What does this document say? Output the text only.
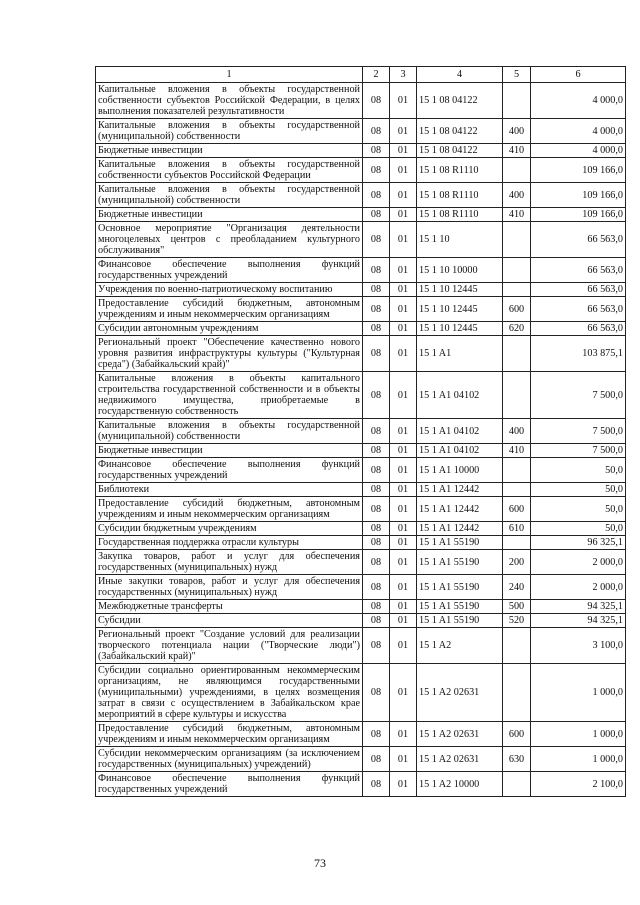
1	2	3	4	5	6
Капитальные вложения в объекты государственной собственности субъектов Российской Федерации, в целях выполнения показателей результативности	08	01	15 1 08 04122		4 000,0
Капитальные вложения в объекты государственной (муниципальной) собственности	08	01	15 1 08 04122	400	4 000,0
Бюджетные инвестиции	08	01	15 1 08 04122	410	4 000,0
Капитальные вложения в объекты государственной собственности субъектов Российской Федерации	08	01	15 1 08 R1110		109 166,0
Капитальные вложения в объекты государственной (муниципальной) собственности	08	01	15 1 08 R1110	400	109 166,0
Бюджетные инвестиции	08	01	15 1 08 R1110	410	109 166,0
Основное мероприятие "Организация деятельности многоцелевых центров с преобладанием культурного обслуживания"	08	01	15 1 10		66 563,0
Финансовое обеспечение выполнения функций государственных учреждений	08	01	15 1 10 10000		66 563,0
Учреждения по военно-патриотическому воспитанию	08	01	15 1 10 12445		66 563,0
Предоставление субсидий бюджетным, автономным учреждениям и иным некоммерческим организациям	08	01	15 1 10 12445	600	66 563,0
Субсидии автономным учреждениям	08	01	15 1 10 12445	620	66 563,0
Региональный проект "Обеспечение качественно нового уровня развития инфраструктуры культуры ("Культурная среда") (Забайкальский край)"	08	01	15 1 A1		103 875,1
Капитальные вложения в объекты капитального строительства государственной собственности и в объекты недвижимого имущества, приобретаемые в государственную собственность	08	01	15 1 A1 04102		7 500,0
Капитальные вложения в объекты государственной (муниципальной) собственности	08	01	15 1 A1 04102	400	7 500,0
Бюджетные инвестиции	08	01	15 1 A1 04102	410	7 500,0
Финансовое обеспечение выполнения функций государственных учреждений	08	01	15 1 A1 10000		50,0
Библиотеки	08	01	15 1 A1 12442		50,0
Предоставление субсидий бюджетным, автономным учреждениям и иным некоммерческим организациям	08	01	15 1 A1 12442	600	50,0
Субсидии бюджетным учреждениям	08	01	15 1 A1 12442	610	50,0
Государственная поддержка отрасли культуры	08	01	15 1 A1 55190		96 325,1
Закупка товаров, работ и услуг для обеспечения государственных (муниципальных) нужд	08	01	15 1 A1 55190	200	2 000,0
Иные закупки товаров, работ и услуг для обеспечения государственных (муниципальных) нужд	08	01	15 1 A1 55190	240	2 000,0
Межбюджетные трансферты	08	01	15 1 A1 55190	500	94 325,1
Субсидии	08	01	15 1 A1 55190	520	94 325,1
Региональный проект "Создание условий для реализации творческого потенциала нации ("Творческие люди") (Забайкальский край)"	08	01	15 1 A2		3 100,0
Субсидии социально ориентированным некоммерческим организациям, не являющимся государственными (муниципальными) учреждениями, в целях возмещения затрат в связи с осуществлением в Забайкальском крае мероприятий в сфере культуры и искусства	08	01	15 1 A2 02631		1 000,0
Предоставление субсидий бюджетным, автономным учреждениям и иным некоммерческим организациям	08	01	15 1 A2 02631	600	1 000,0
Субсидии некоммерческим организациям (за исключением государственных (муниципальных) учреждений)	08	01	15 1 A2 02631	630	1 000,0
Финансовое обеспечение выполнения функций государственных учреждений	08	01	15 1 A2 10000		2 100,0
73
